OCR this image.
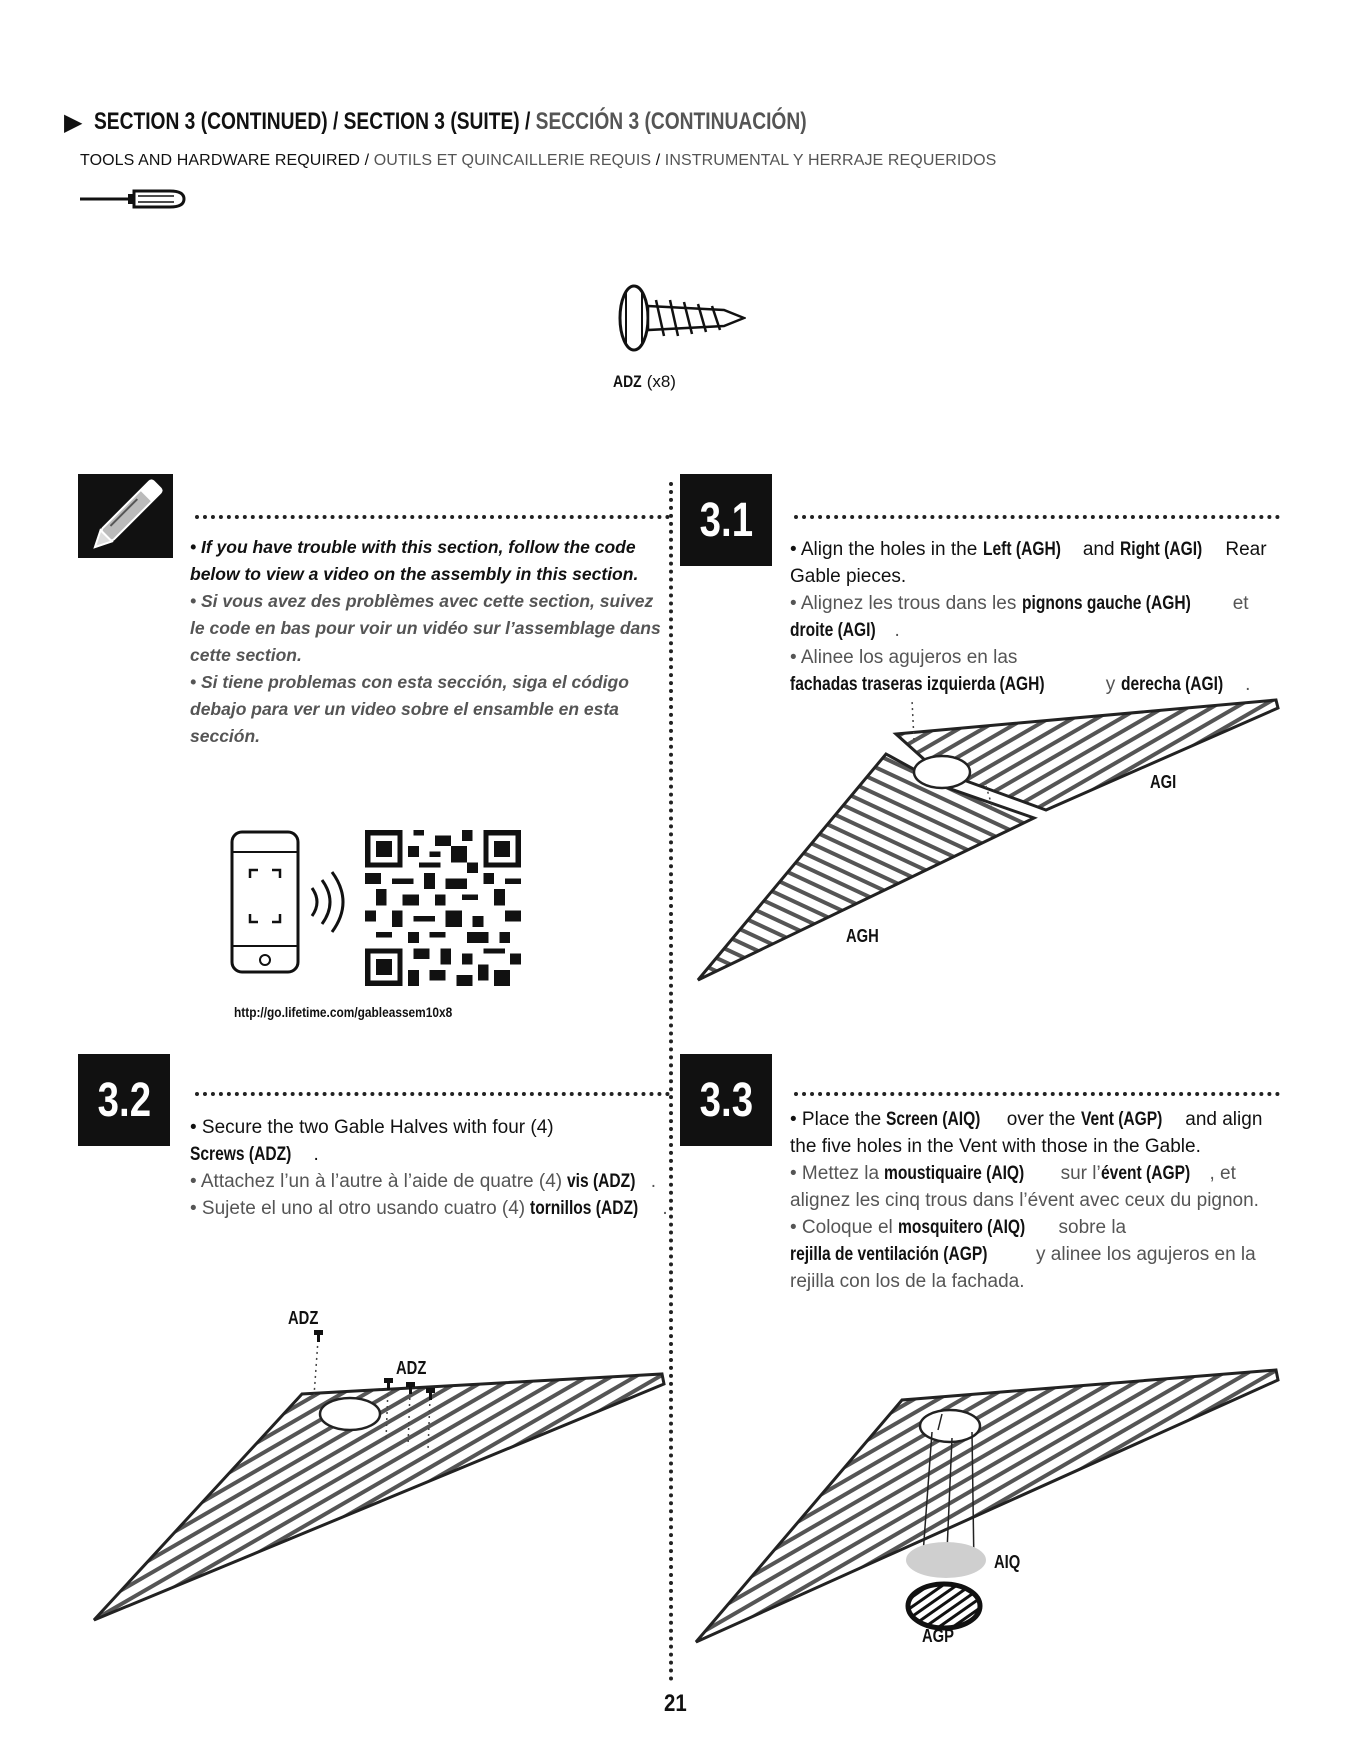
▶ SECTION 3 (CONTINUED) / SECTION 3 (SUITE) / SECCIÓN 3 (CONTINUACIÓN)
TOOLS AND HARDWARE REQUIRED / OUTILS ET QUINCAILLERIE REQUIS / INSTRUMENTAL Y HERRAJE REQUERIDOS
ADZ (x8)

• If you have trouble with this section, follow the code below to view a video on the assembly in this section.

• Si vous avez des problèmes avec cette section, suivez le code en bas pour voir un vidéo sur l’assemblage dans cette section.

• Si tiene problemas con esta sección, siga el código debajo para ver un video sobre el ensamble en esta sección.

http://go.lifetime.com/gableassem10x8
3.1

• Align the holes in the Left (AGH) and Right (AGI) Rear Gable pieces.

• Alignez les trous dans les pignons gauche (AGH) et droite (AGI) .

• Alinee los agujeros en las fachadas traseras izquierda (AGH)	y derecha (AGI) .

AGI
AGH
3.2

• Secure the two Gable Halves with four (4) Screws (ADZ) .

• Attachez l’un à l’autre à l’aide de quatre (4) vis (ADZ) .

• Sujete el uno al otro usando cuatro (4) tornillos (ADZ) .

ADZ
ADZ
3.3 • Place the Screen (AIQ) over the Vent (AGP) and align the five holes in the Vent with those in the Gable.

• Mettez la moustiquaire (AIQ) sur l’évent (AGP) , et alignez les cinq trous dans l’évent avec ceux du pignon.

• Coloque el mosquitero (AIQ) sobre la rejilla de ventilación (AGP) y alinee los agujeros en la rejilla con los de la fachada.

AIQ
AGP
21
